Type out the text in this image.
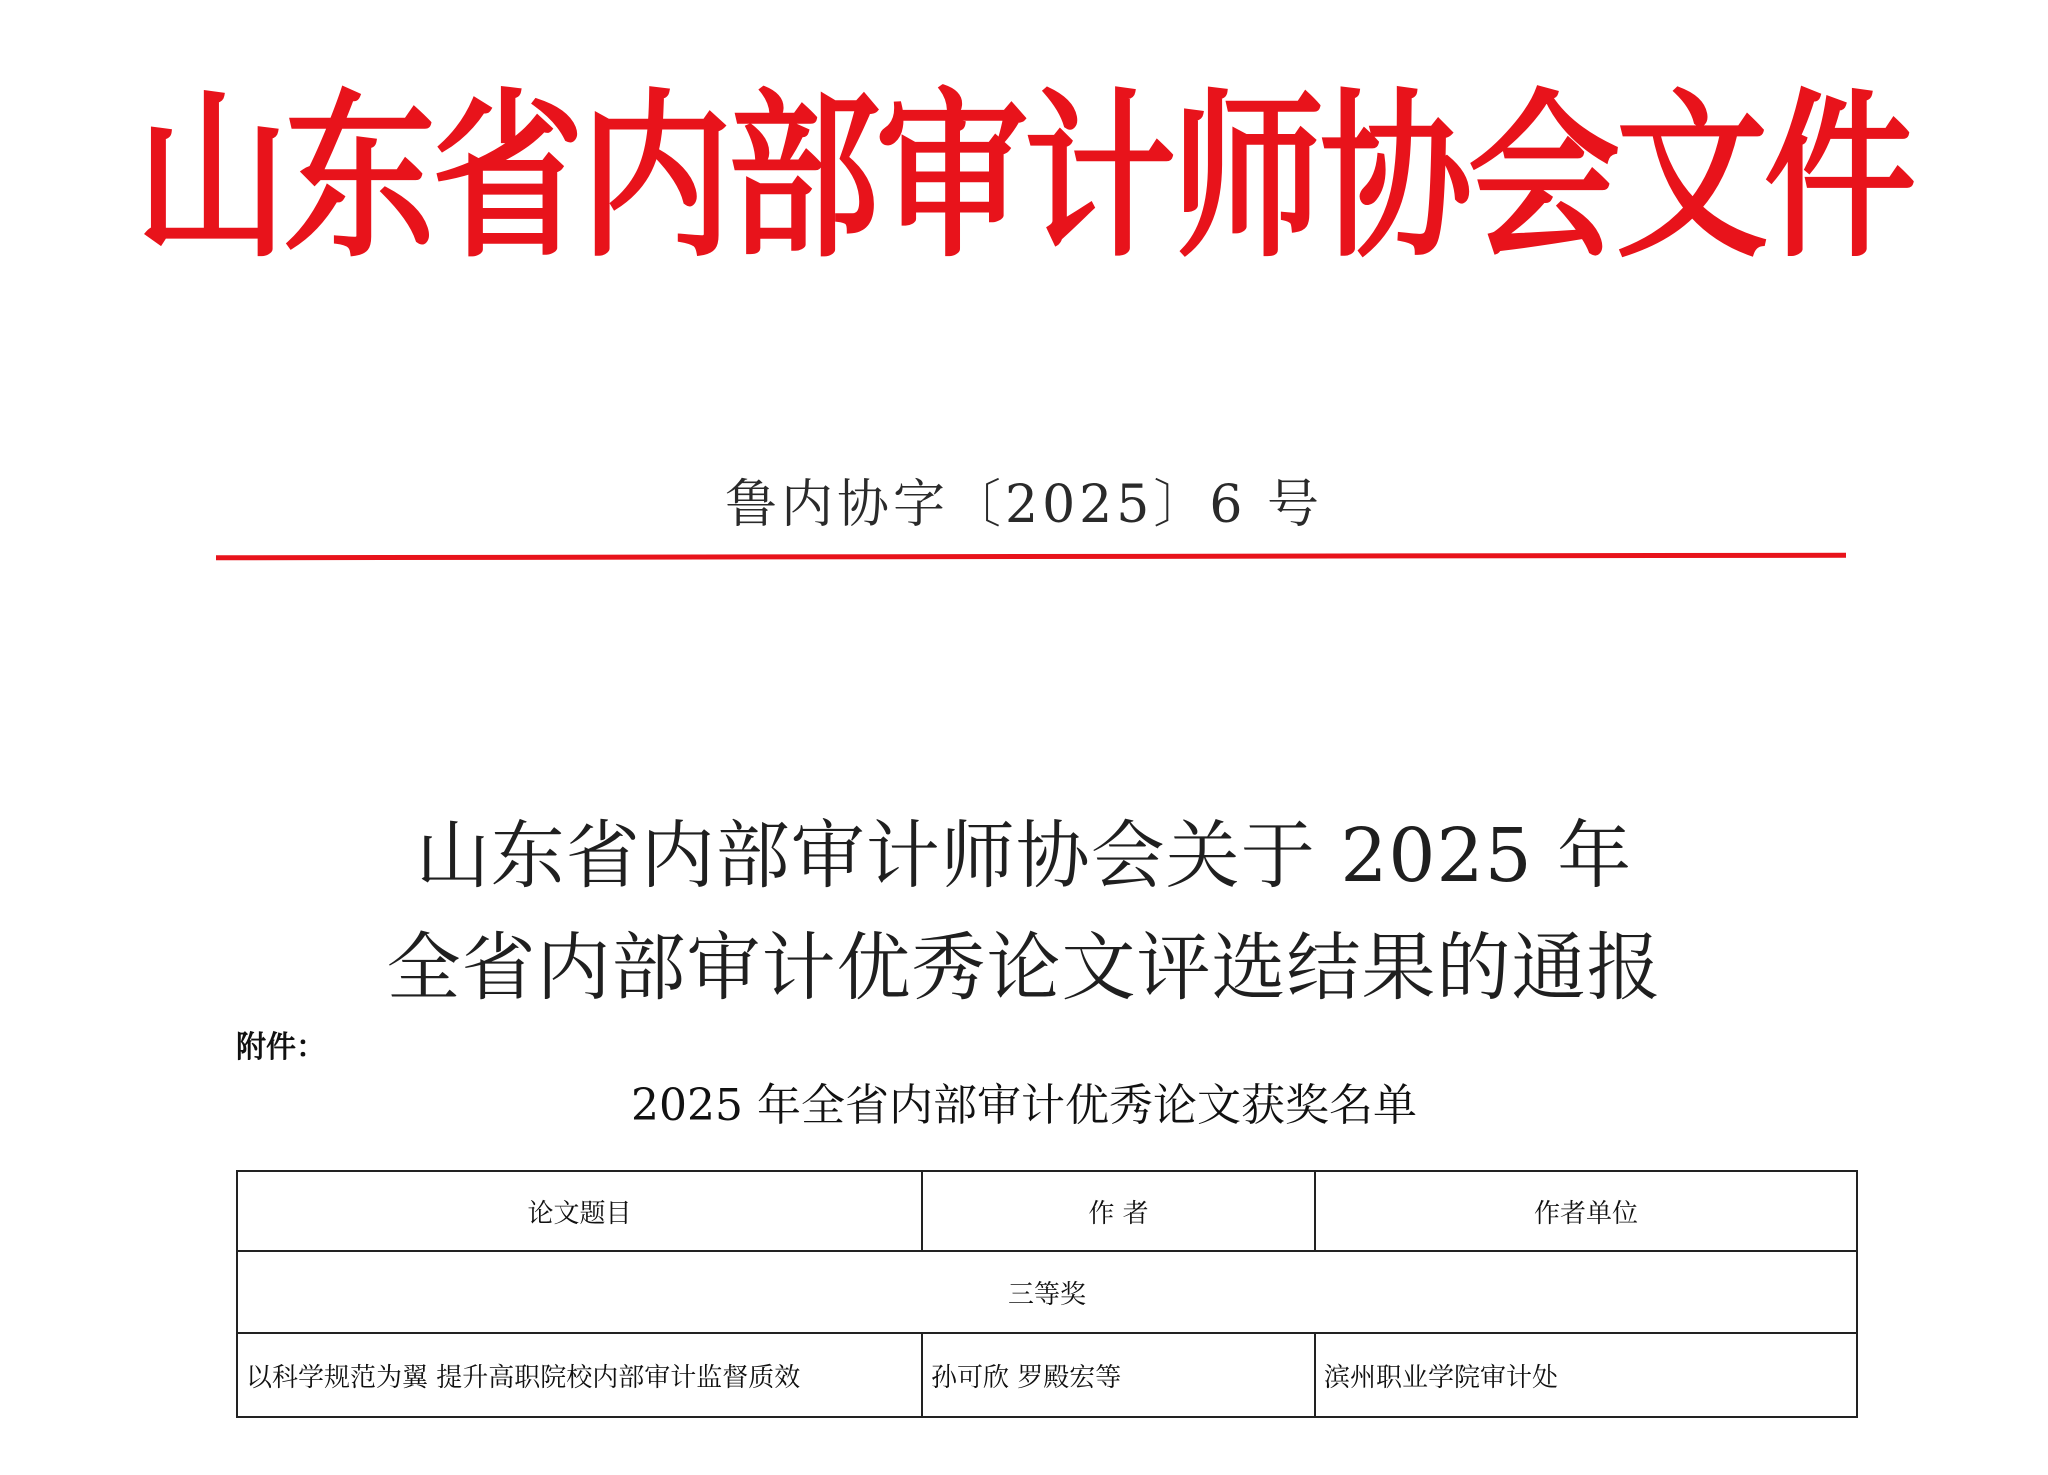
山东省内部审计师协会文件
鲁内协字〔2025〕6 号
山东省内部审计师协会关于 2025 年
全省内部审计优秀论文评选结果的通报
附件：
2025 年全省内部审计优秀论文获奖名单
论文题目	作 者	作者单位
三等奖		
以科学规范为翼 提升高职院校内部审计监督质效	孙可欣 罗殿宏等	滨州职业学院审计处
